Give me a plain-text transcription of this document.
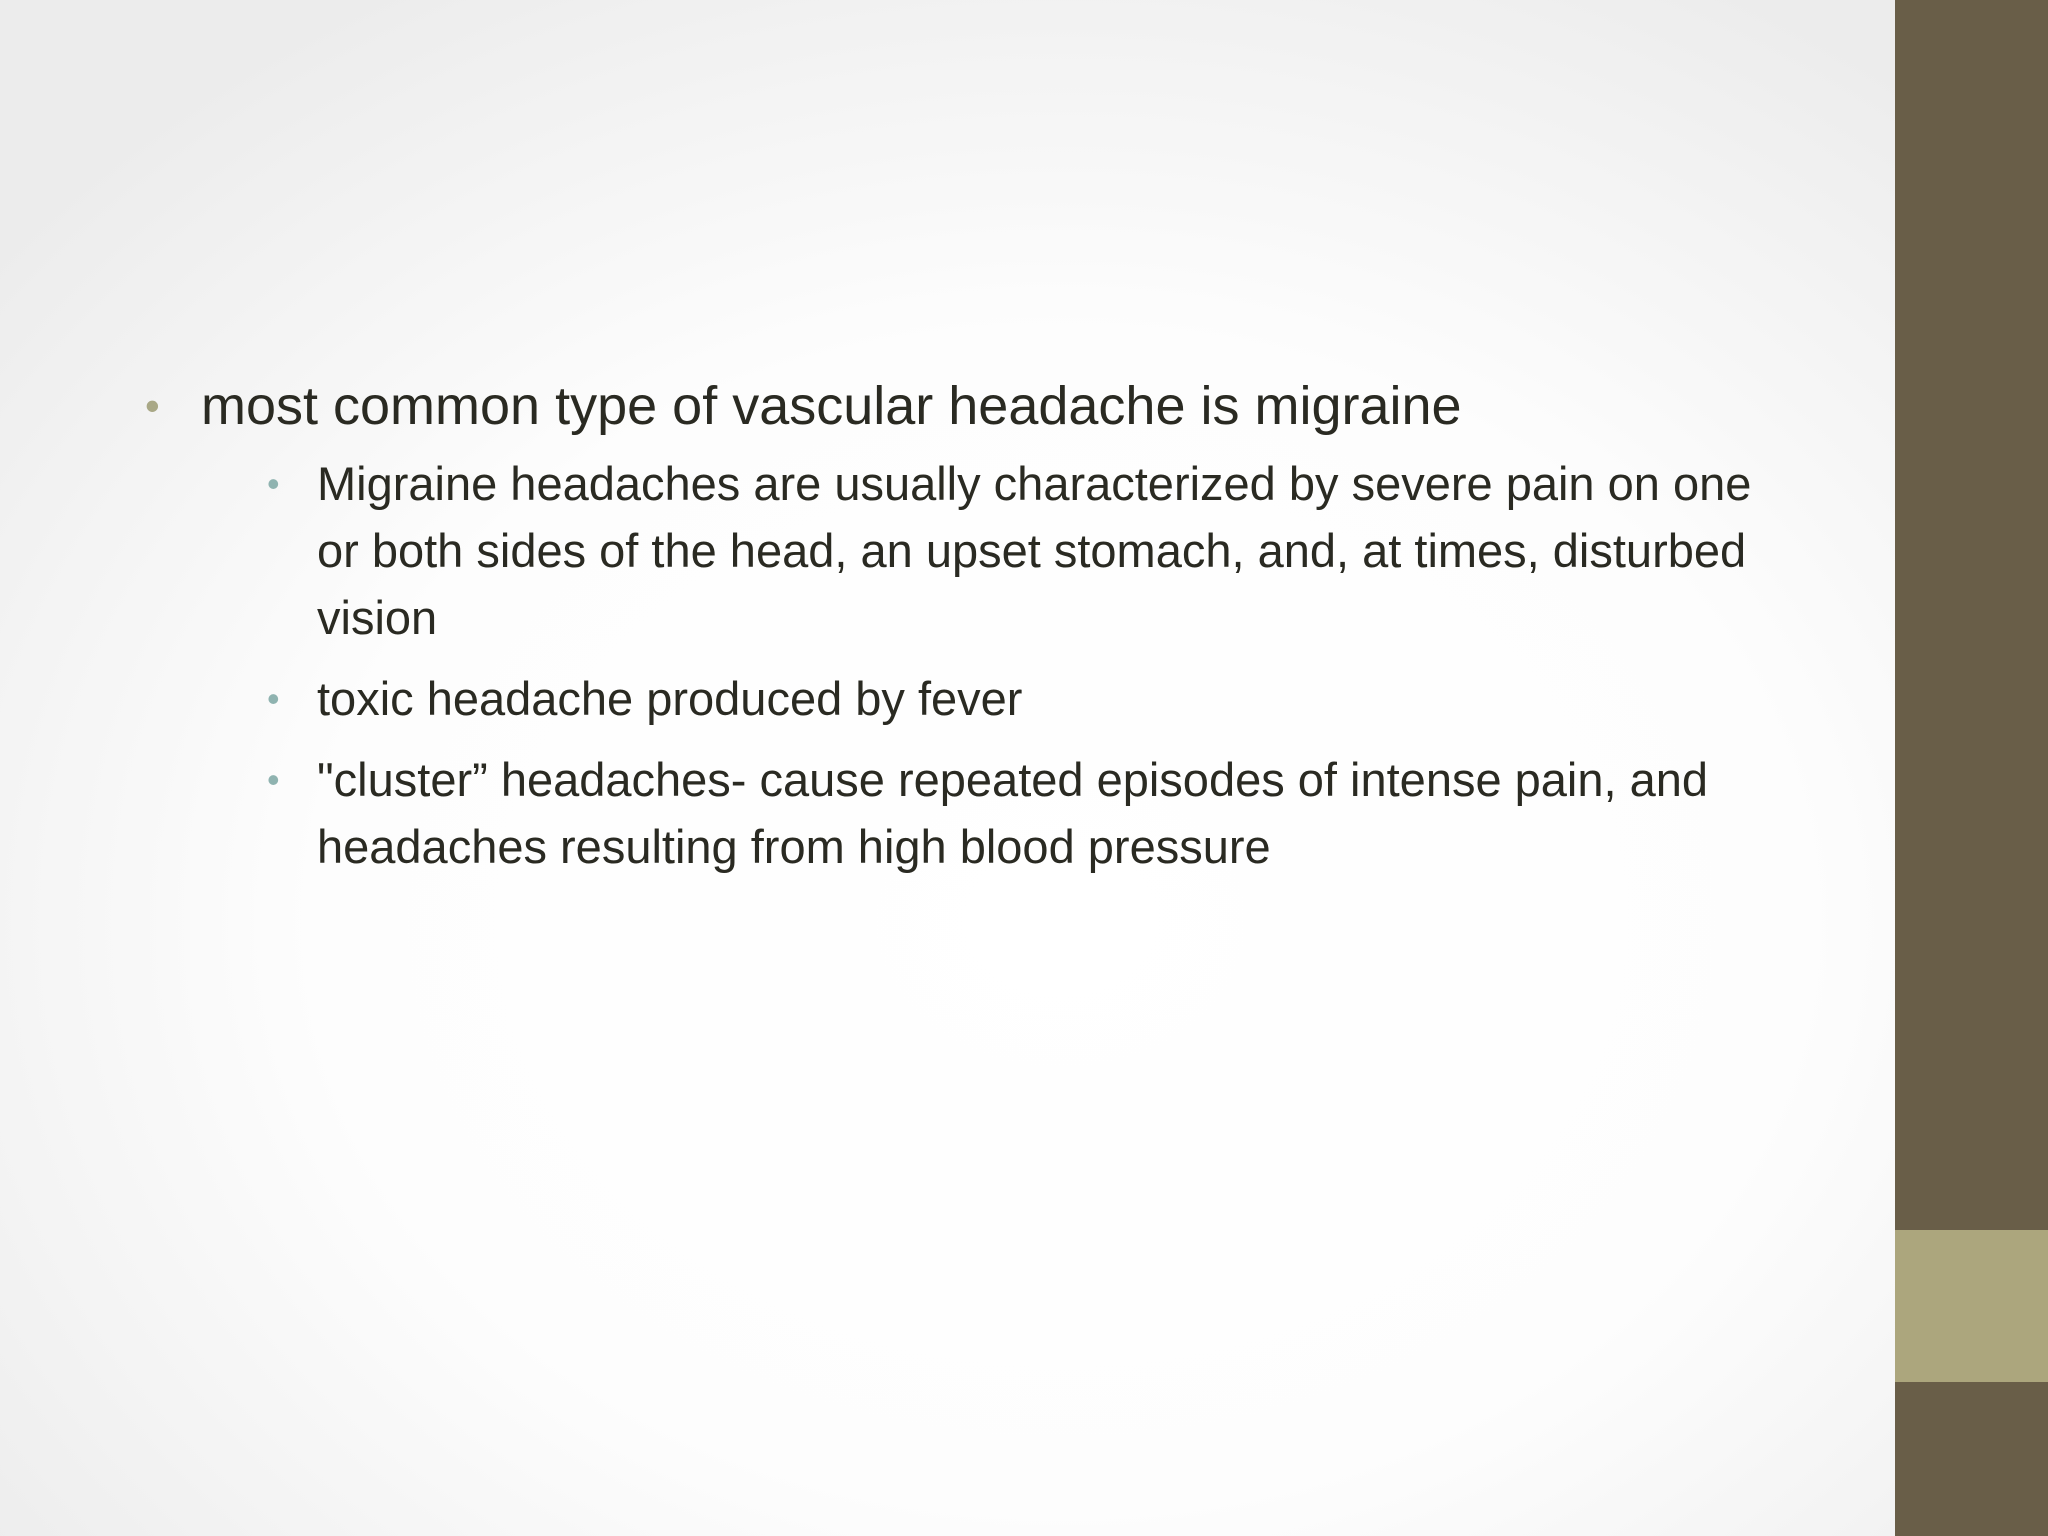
• most common type of vascular headache is migraine
• Migraine headaches are usually characterized by severe pain on one or both sides of the head, an upset stomach, and, at times, disturbed vision
• toxic headache produced by fever
• "cluster” headaches- cause repeated episodes of intense pain, and headaches resulting from high blood pressure
